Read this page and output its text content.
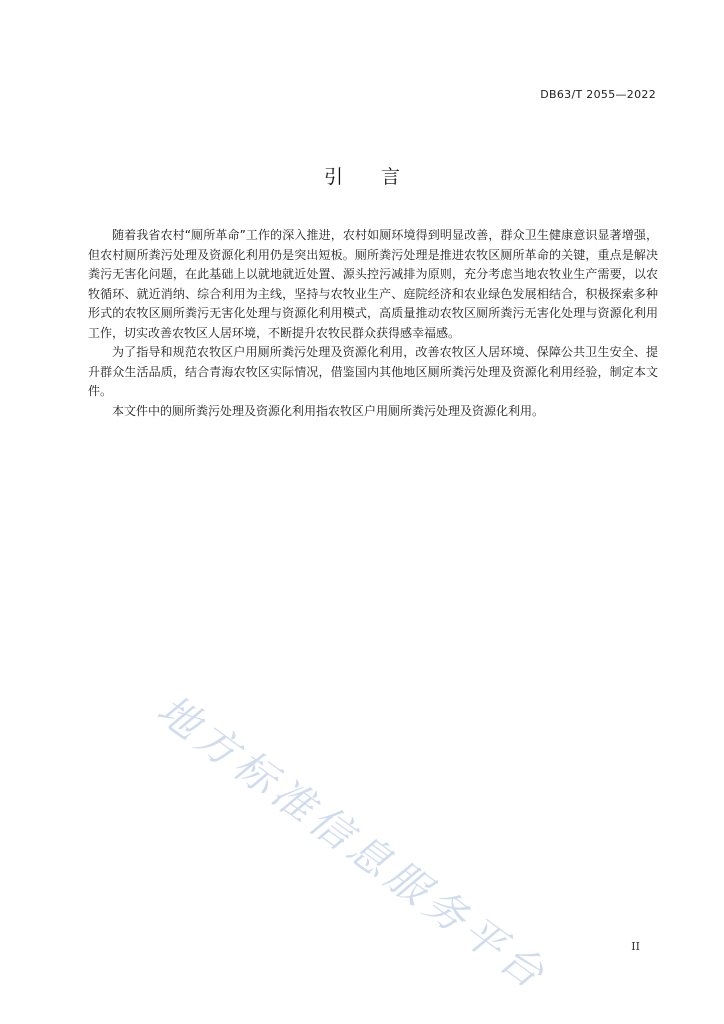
DB63/T 2055—2022
引 言

随着我省农村“厕所革命”工作的深入推进，农村如厕环境得到明显改善，群众卫生健康意识显著增强，但农村厕所粪污处理及资源化利用仍是突出短板。厕所粪污处理是推进农牧区厕所革命的关键，重点是解决粪污无害化问题，在此基础上以就地就近处置、源头控污减排为原则，充分考虑当地农牧业生产需要，以农牧循环、就近消纳、综合利用为主线，坚持与农牧业生产、庭院经济和农业绿色发展相结合，积极探索多种形式的农牧区厕所粪污无害化处理与资源化利用模式，高质量推动农牧区厕所粪污无害化处理与资源化利用工作，切实改善农牧区人居环境，不断提升农牧民群众获得感幸福感。

为了指导和规范农牧区户用厕所粪污处理及资源化利用，改善农牧区人居环境、保障公共卫生安全、提升群众生活品质，结合青海农牧区实际情况，借鉴国内其他地区厕所粪污处理及资源化利用经验，制定本文件。

本文件中的厕所粪污处理及资源化利用指农牧区户用厕所粪污处理及资源化利用。

地方标准信息服务平台	II
